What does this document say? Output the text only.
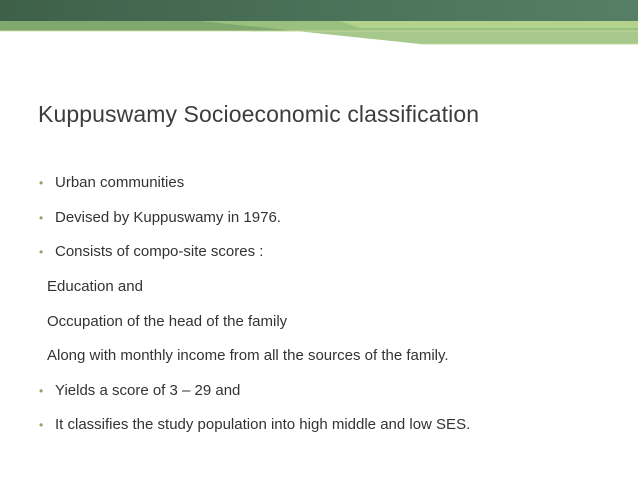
Kuppuswamy Socioeconomic classification
• Urban communities
• Devised by Kuppuswamy in 1976.
• Consists of compo-site scores :
Education and
Occupation of the head of the family
Along with monthly income from all the sources of the family.
• Yields a score of 3 – 29 and
• It classifies the study population into high middle and low SES.
